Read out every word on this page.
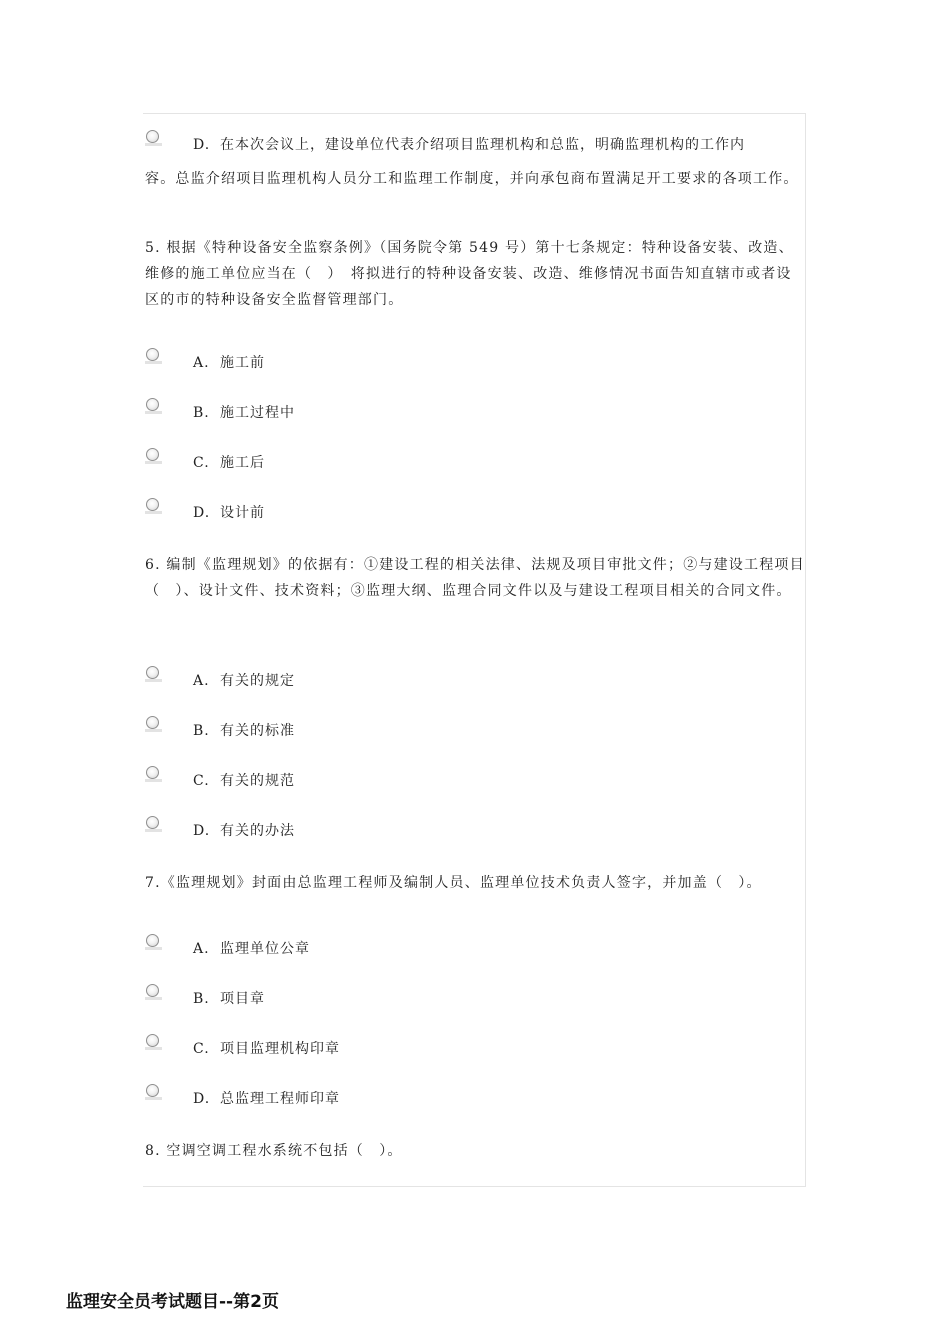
D. 在本次会议上，建设单位代表介绍项目监理机构和总监，明确监理机构的工作内

容。总监介绍项目监理机构人员分工和监理工作制度，并向承包商布置满足开工要求的各项工作。

5. 根据《特种设备安全监察条例》（国务院令第 549 号）第十七条规定：特种设备安装、改造、维修的施工单位应当在（　）　将拟进行的特种设备安装、改造、维修情况书面告知直辖市或者设区的市的特种设备安全监督管理部门。

A. 施工前
B. 施工过程中
C. 施工后
D. 设计前

6. 编制《监理规划》的依据有：①建设工程的相关法律、法规及项目审批文件；②与建设工程项目（　）、设计文件、技术资料；③监理大纲、监理合同文件以及与建设工程项目相关的合同文件。

A. 有关的规定
B. 有关的标准
C. 有关的规范
D. 有关的办法
7.《监理规划》封面由总监理工程师及编制人员、监理单位技术负责人签字，并加盖（　）。
A. 监理单位公章
B. 项目章
C. 项目监理机构印章
D. 总监理工程师印章
8. 空调空调工程水系统不包括（　）。
监理安全员考试题目--第2页
